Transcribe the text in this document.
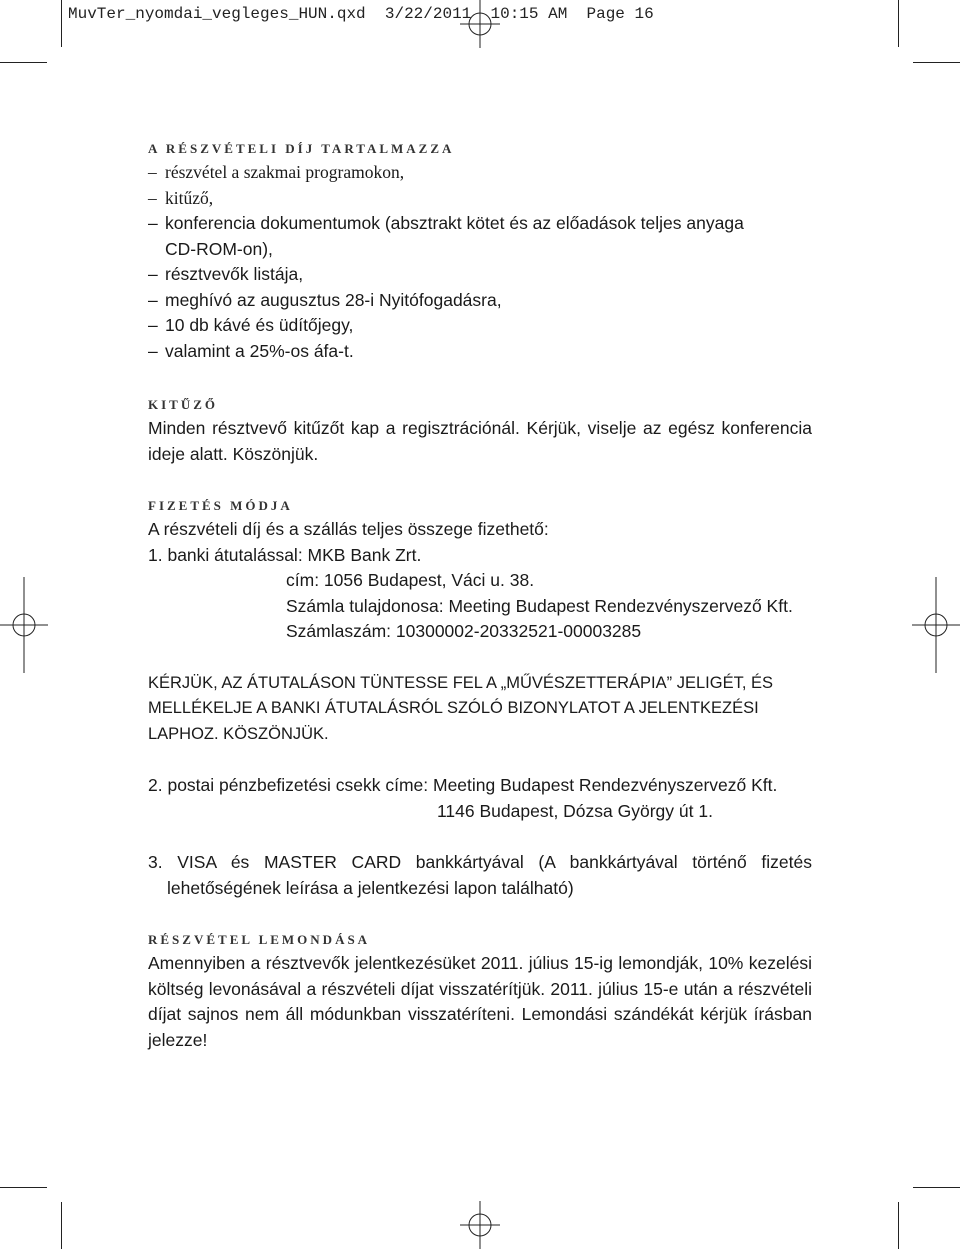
MuvTer_nyomdai_vegleges_HUN.qxd 3/22/2011 10:15 AM Page 16
A RÉSZVÉTELI DÍJ TARTALMAZZA
– részvétel a szakmai programokon,
– kitűző,
– konferencia dokumentumok (absztrakt kötet és az előadások teljes anyaga
CD-ROM-on),
– résztvevők listája,
– meghívó az augusztus 28-i Nyitófogadásra,
– 10 db kávé és üdítőjegy,
– valamint a 25%-os áfa-t.
KITŰZŐ

Minden résztvevő kitűzőt kap a regisztrációnál. Kérjük, viselje az egész konferencia ideje alatt. Köszönjük.

FIZETÉS MÓDJA

A részvételi díj és a szállás teljes összege fizethető:

1. banki átutalással: MKB Bank Zrt.

cím: 1056 Budapest, Váci u. 38.

Számla tulajdonosa: Meeting Budapest Rendezvényszervező Kft.

Számlaszám: 10300002-20332521-00003285

KÉRJÜK, AZ ÁTUTALÁSON TÜNTESSE FEL A „MŰVÉSZETTERÁPIA” JELIGÉT, ÉS MELLÉKELJE A BANKI ÁTUTALÁSRÓL SZÓLÓ BIZONYLATOT A JELENTKEZÉSI LAPHOZ. KÖSZÖNJÜK.

2. postai pénzbefizetési csekk címe: Meeting Budapest Rendezvényszervező Kft.

1146 Budapest, Dózsa György út 1.

3. VISA és MASTER CARD bankkártyával (A bankkártyával történő fizetés lehetőségének leírása a jelentkezési lapon található)

RÉSZVÉTEL LEMONDÁSA

Amennyiben a résztvevők jelentkezésüket 2011. július 15-ig lemondják, 10% kezelési költség levonásával a részvételi díjat visszatérítjük. 2011. július 15-e után a részvételi díjat sajnos nem áll módunkban visszatéríteni. Lemondási szándékát kérjük írásban jelezze!
